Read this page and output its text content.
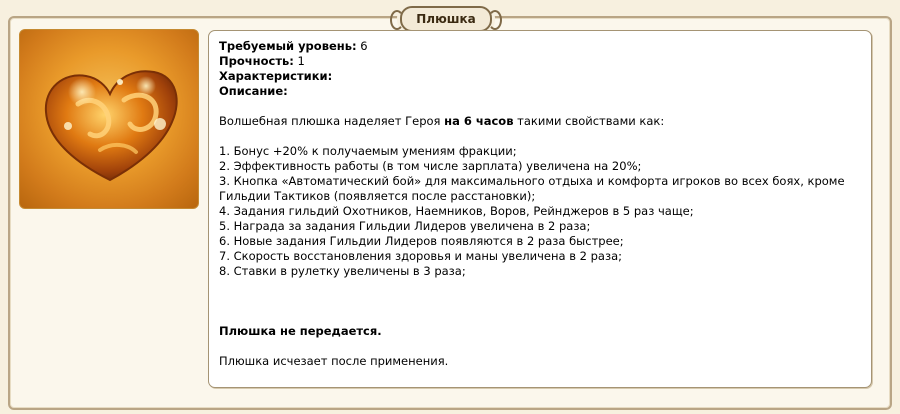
Плюшка
Требуемый уровень: 6
Прочность: 1
Характеристики:
Описание:
Волшебная плюшка наделяет Героя на 6 часов такими свойствами как:
1. Бонус +20% к получаемым умениям фракции;
2. Эффективность работы (в том числе зарплата) увеличена на 20%;
3. Кнопка «Автоматический бой» для максимального отдыха и комфорта игроков во всех боях, кроме Гильдии Тактиков (появляется после расстановки);
4. Задания гильдий Охотников, Наемников, Воров, Рейнджеров в 5 раз чаще;
5. Награда за задания Гильдии Лидеров увеличена в 2 раза;
6. Новые задания Гильдии Лидеров появляются в 2 раза быстрее;
7. Скорость восстановления здоровья и маны увеличена в 2 раза;
8. Ставки в рулетку увеличены в 3 раза;
Плюшка не передается.
Плюшка исчезает после применения.
